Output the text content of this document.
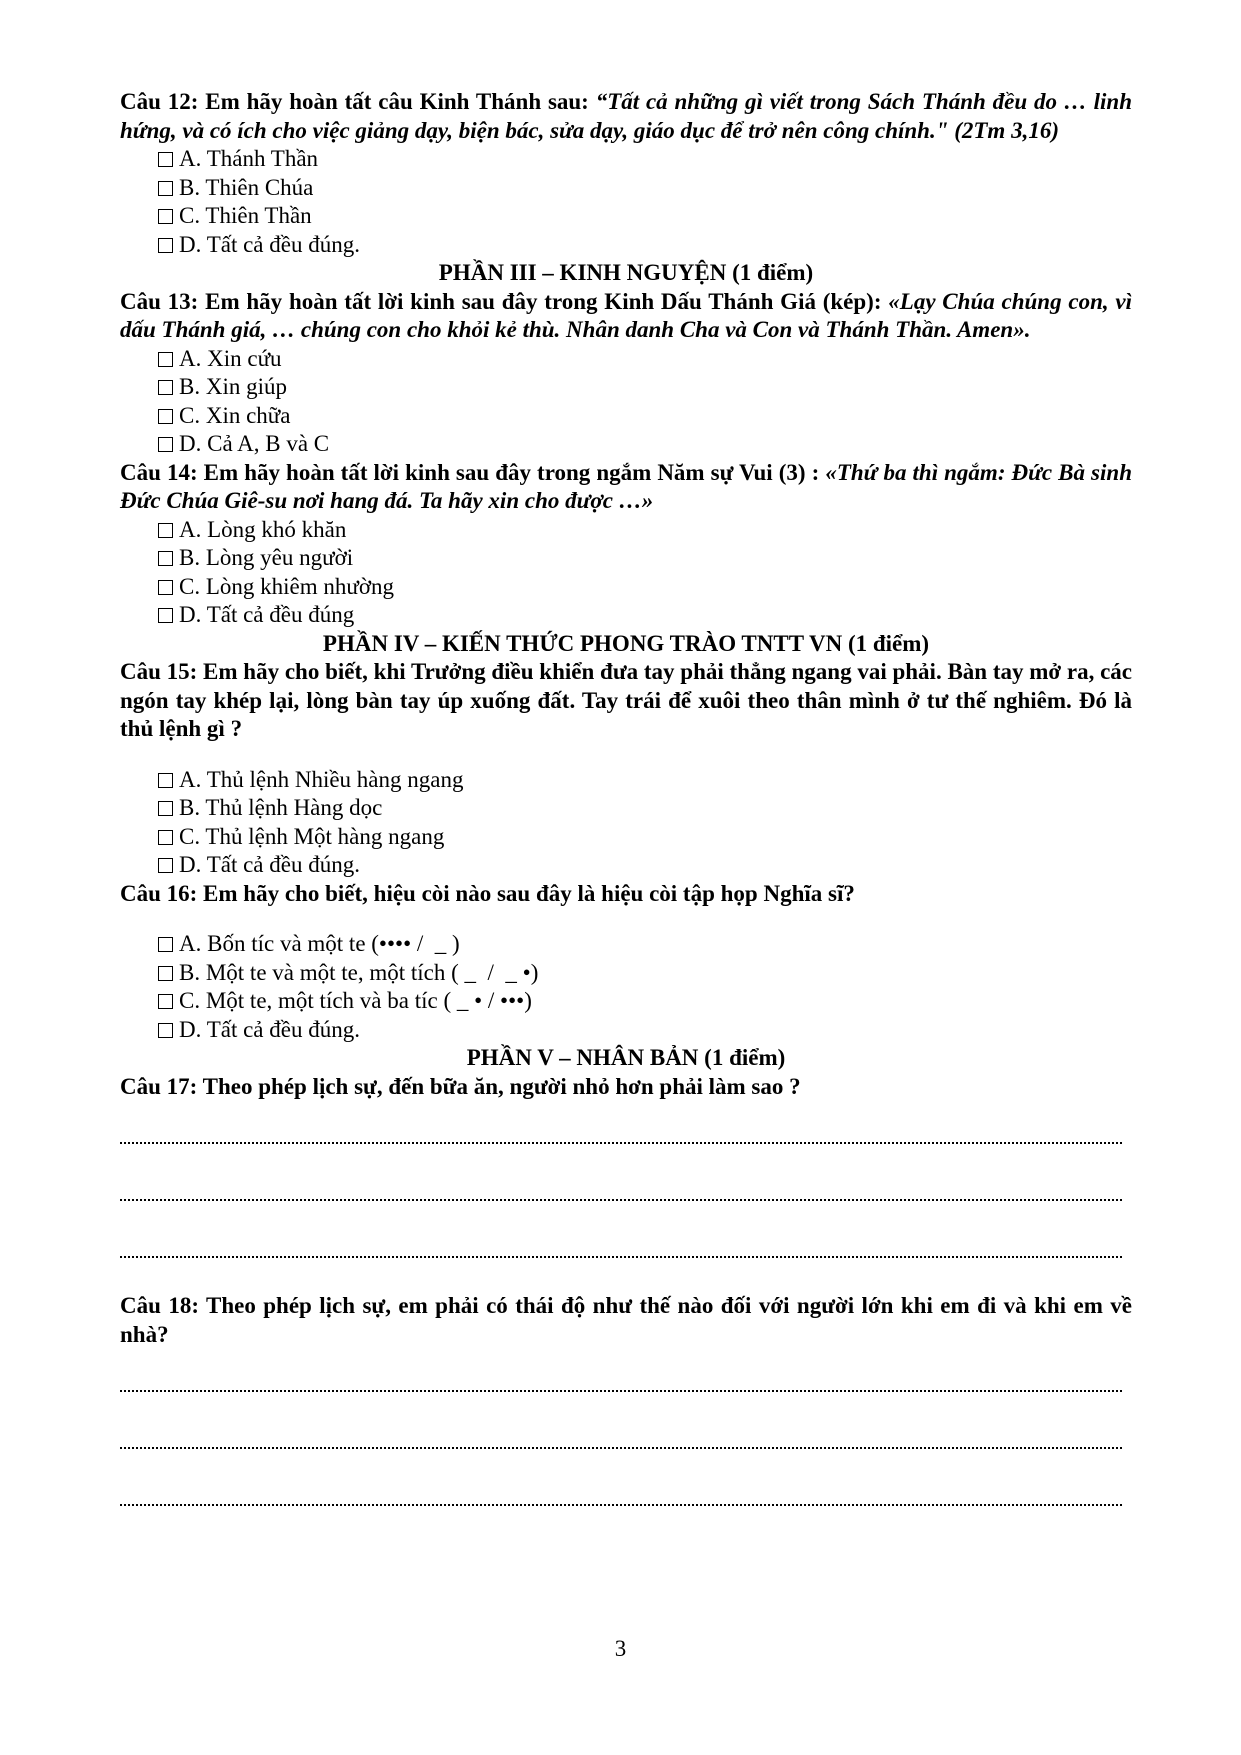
Câu 12: Em hãy hoàn tất câu Kinh Thánh sau: “Tất cả những gì viết trong Sách Thánh đều do … linh hứng, và có ích cho việc giảng dạy, biện bác, sửa dạy, giáo dục để trở nên công chính." (2Tm 3,16)

A. Thánh Thần
B. Thiên Chúa
C. Thiên Thần
D. Tất cả đều đúng.

PHẦN III – KINH NGUYỆN (1 điểm)

Câu 13: Em hãy hoàn tất lời kinh sau đây trong Kinh Dấu Thánh Giá (kép): «Lạy Chúa chúng con, vì dấu Thánh giá, … chúng con cho khỏi kẻ thù. Nhân danh Cha và Con và Thánh Thần. Amen».

A. Xin cứu
B. Xin giúp
C. Xin chữa
D. Cả A, B và C

Câu 14: Em hãy hoàn tất lời kinh sau đây trong ngắm Năm sự Vui (3) : «Thứ ba thì ngắm: Đức Bà sinh Đức Chúa Giê-su nơi hang đá. Ta hãy xin cho được …»

A. Lòng khó khăn
B. Lòng yêu người
C. Lòng khiêm nhường
D. Tất cả đều đúng

PHẦN IV – KIẾN THỨC PHONG TRÀO TNTT VN (1 điểm)

Câu 15: Em hãy cho biết, khi Trưởng điều khiển đưa tay phải thẳng ngang vai phải. Bàn tay mở ra, các ngón tay khép lại, lòng bàn tay úp xuống đất. Tay trái để xuôi theo thân mình ở tư thế nghiêm. Đó là thủ lệnh gì ?

A. Thủ lệnh Nhiều hàng ngang
B. Thủ lệnh Hàng dọc
C. Thủ lệnh Một hàng ngang
D. Tất cả đều đúng.

Câu 16: Em hãy cho biết, hiệu còi nào sau đây là hiệu còi tập họp Nghĩa sĩ?

A. Bốn tíc và một te (•••• /  _ )
B. Một te và một te, một tích ( _  /  _ •)
C. Một te, một tích và ba tíc ( _ • / •••)
D. Tất cả đều đúng.

PHẦN V – NHÂN BẢN (1 điểm)

Câu 17: Theo phép lịch sự, đến bữa ăn, người nhỏ hơn phải làm sao ?

Câu 18: Theo phép lịch sự, em phải có thái độ như thế nào đối với người lớn khi em đi và khi em về nhà?

3
